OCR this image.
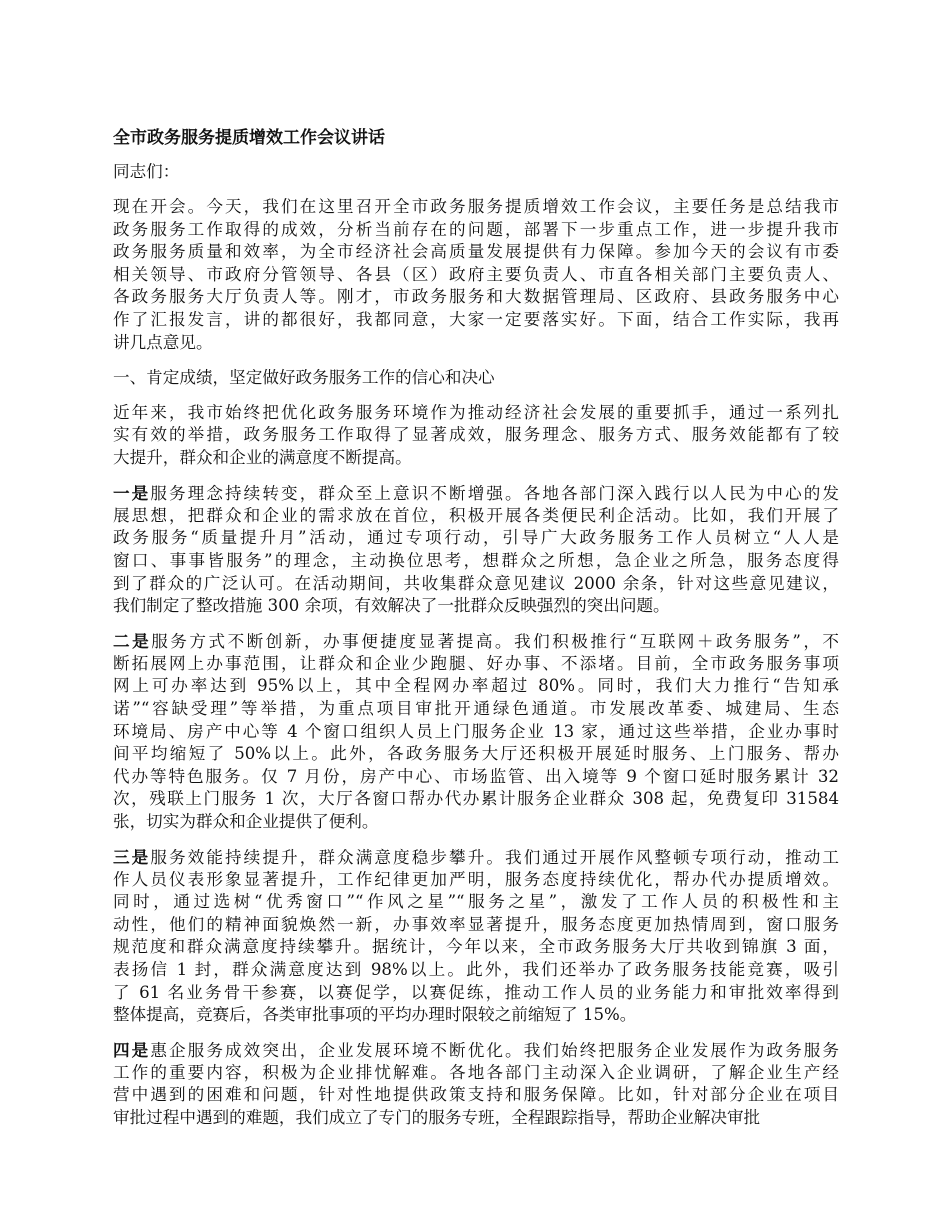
全市政务服务提质增效工作会议讲话
同志们：
现在开会。今天，我们在这里召开全市政务服务提质增效工作会议，主要任务是总结我市
政务服务工作取得的成效，分析当前存在的问题，部署下一步重点工作，进一步提升我市
政务服务质量和效率，为全市经济社会高质量发展提供有力保障。参加今天的会议有市委
相关领导、市政府分管领导、各县（区）政府主要负责人、市直各相关部门主要负责人、
各政务服务大厅负责人等。刚才，市政务服务和大数据管理局、区政府、县政务服务中心
作了汇报发言，讲的都很好，我都同意，大家一定要落实好。下面，结合工作实际，我再
讲几点意见。
一、肯定成绩，坚定做好政务服务工作的信心和决心
近年来，我市始终把优化政务服务环境作为推动经济社会发展的重要抓手，通过一系列扎
实有效的举措，政务服务工作取得了显著成效，服务理念、服务方式、服务效能都有了较
大提升，群众和企业的满意度不断提高。
一是服务理念持续转变，群众至上意识不断增强。各地各部门深入践行以人民为中心的发
展思想，把群众和企业的需求放在首位，积极开展各类便民利企活动。比如，我们开展了
政务服务“质量提升月”活动，通过专项行动，引导广大政务服务工作人员树立“人人是
窗口、事事皆服务”的理念，主动换位思考，想群众之所想，急企业之所急，服务态度得
到了群众的广泛认可。在活动期间，共收集群众意见建议 2000 余条，针对这些意见建议，
我们制定了整改措施 300 余项，有效解决了一批群众反映强烈的突出问题。
二是服务方式不断创新，办事便捷度显著提高。我们积极推行“互联网＋政务服务”，不
断拓展网上办事范围，让群众和企业少跑腿、好办事、不添堵。目前，全市政务服务事项
网上可办率达到 95%以上，其中全程网办率超过 80%。同时，我们大力推行“告知承
诺”“容缺受理”等举措，为重点项目审批开通绿色通道。市发展改革委、城建局、生态
环境局、房产中心等 4 个窗口组织人员上门服务企业 13 家，通过这些举措，企业办事时
间平均缩短了 50%以上。此外，各政务服务大厅还积极开展延时服务、上门服务、帮办
代办等特色服务。仅 7 月份，房产中心、市场监管、出入境等 9 个窗口延时服务累计 32
次，残联上门服务 1 次，大厅各窗口帮办代办累计服务企业群众 308 起，免费复印 31584
张，切实为群众和企业提供了便利。
三是服务效能持续提升，群众满意度稳步攀升。我们通过开展作风整顿专项行动，推动工
作人员仪表形象显著提升，工作纪律更加严明，服务态度持续优化，帮办代办提质增效。
同时，通过选树“优秀窗口”“作风之星”“服务之星”，激发了工作人员的积极性和主
动性，他们的精神面貌焕然一新，办事效率显著提升，服务态度更加热情周到，窗口服务
规范度和群众满意度持续攀升。据统计，今年以来，全市政务服务大厅共收到锦旗 3 面，
表扬信 1 封，群众满意度达到 98%以上。此外，我们还举办了政务服务技能竞赛，吸引
了 61 名业务骨干参赛，以赛促学，以赛促练，推动工作人员的业务能力和审批效率得到
整体提高，竞赛后，各类审批事项的平均办理时限较之前缩短了 15%。
四是惠企服务成效突出，企业发展环境不断优化。我们始终把服务企业发展作为政务服务
工作的重要内容，积极为企业排忧解难。各地各部门主动深入企业调研，了解企业生产经
营中遇到的困难和问题，针对性地提供政策支持和服务保障。比如，针对部分企业在项目
审批过程中遇到的难题，我们成立了专门的服务专班，全程跟踪指导，帮助企业解决审批
